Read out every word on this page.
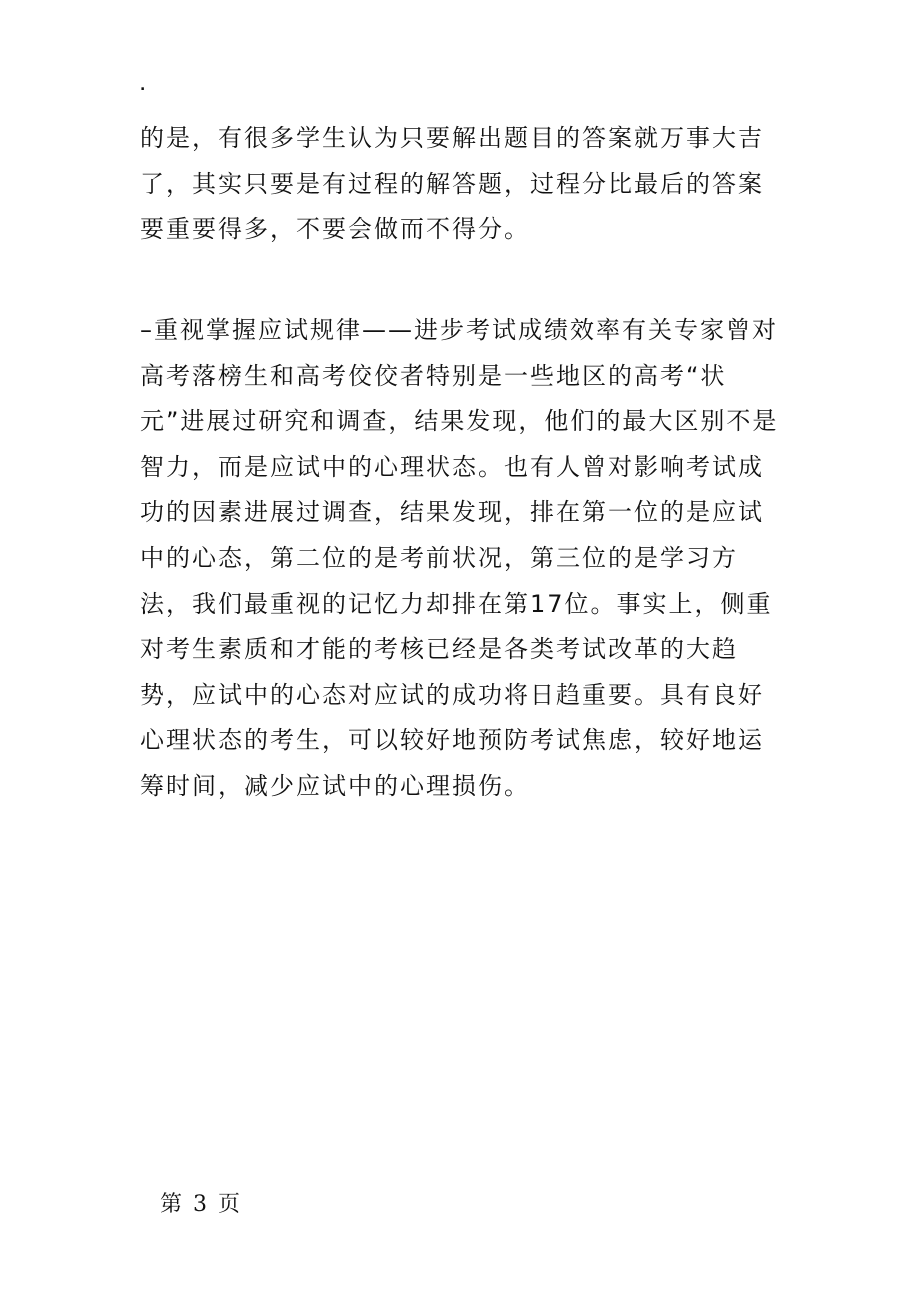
.

的是，有很多学生认为只要解出题目的答案就万事大吉了，其实只要是有过程的解答题，过程分比最后的答案要重要得多，不要会做而不得分。

–重视掌握应试规律——进步考试成绩效率有关专家曾对高考落榜生和高考佼佼者特别是一些地区的高考“状元”进展过研究和调查，结果发现，他们的最大区别不是智力，而是应试中的心理状态。也有人曾对影响考试成功的因素进展过调查，结果发现，排在第一位的是应试中的心态，第二位的是考前状况，第三位的是学习方法，我们最重视的记忆力却排在第17位。事实上，侧重对考生素质和才能的考核已经是各类考试改革的大趋势，应试中的心态对应试的成功将日趋重要。具有良好心理状态的考生，可以较好地预防考试焦虑，较好地运筹时间，减少应试中的心理损伤。

第 3 页
